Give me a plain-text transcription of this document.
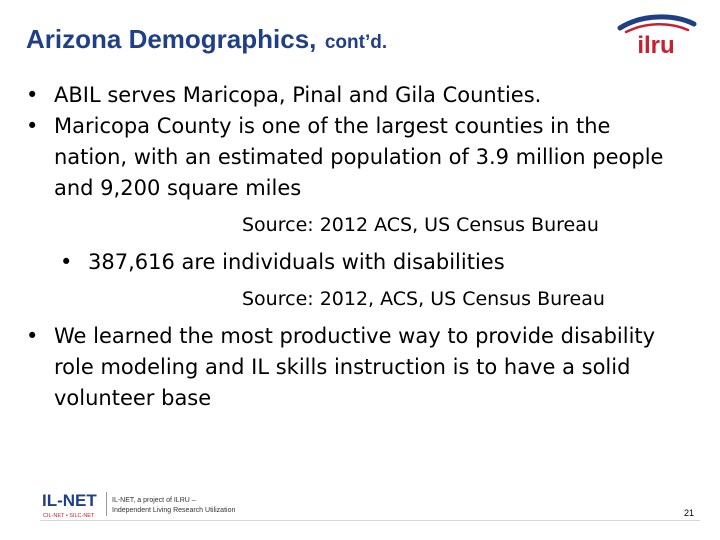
Arizona Demographics, cont’d.	ilru
• ABIL serves Maricopa, Pinal and Gila Counties.
• Maricopa County is one of the largest counties in the nation, with an estimated population of 3.9 million people and 9,200 square miles
Source: 2012 ACS, US Census Bureau
• 387,616 are individuals with disabilities
Source: 2012, ACS, US Census Bureau
• We learned the most productive way to provide disability role modeling and IL skills instruction is to have a solid volunteer base
IL-NET
CIL-NET • SILC-NET
IL-NET, a project of ILRU –
Independent Living Research Utilization	21
